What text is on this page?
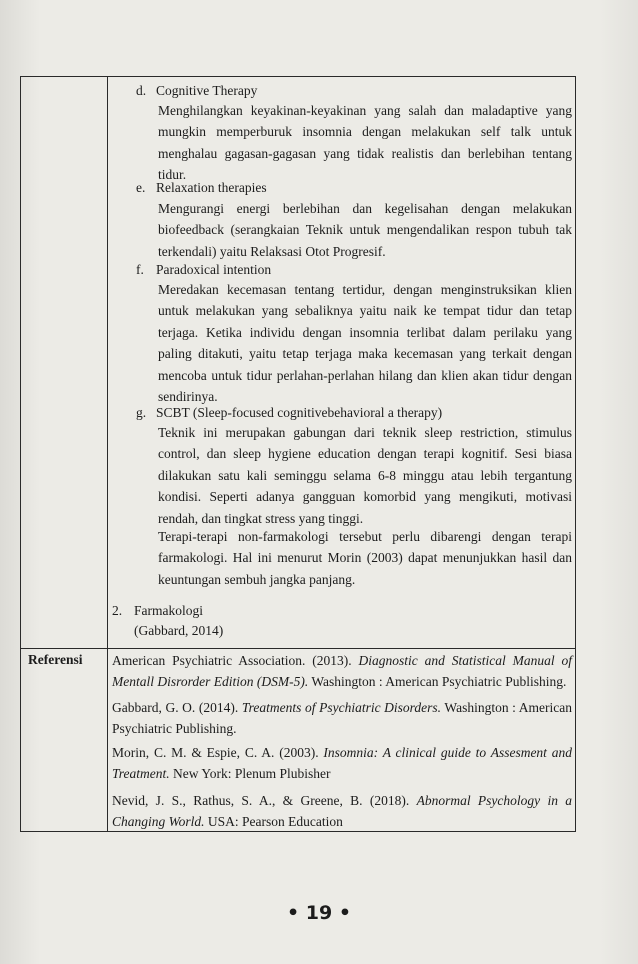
Referensi
d. Cognitive Therapy
Menghilangkan keyakinan-keyakinan yang salah dan maladaptive yang mungkin memperburuk insomnia dengan melakukan self talk untuk menghalau gagasan-gagasan yang tidak realistis dan berlebihan tentang tidur.
e. Relaxation therapies
Mengurangi energi berlebihan dan kegelisahan dengan melakukan biofeedback (serangkaian Teknik untuk mengendalikan respon tubuh tak terkendali) yaitu Relaksasi Otot Progresif.
f. Paradoxical intention
Meredakan kecemasan tentang tertidur, dengan menginstruksikan klien untuk melakukan yang sebaliknya yaitu naik ke tempat tidur dan tetap terjaga. Ketika individu dengan insomnia terlibat dalam perilaku yang paling ditakuti, yaitu tetap terjaga maka kecemasan yang terkait dengan mencoba untuk tidur perlahan-perlahan hilang dan klien akan tidur dengan sendirinya.
g. SCBT (Sleep-focused cognitivebehavioral a therapy)
Teknik ini merupakan gabungan dari teknik sleep restriction, stimulus control, dan sleep hygiene education dengan terapi kognitif. Sesi biasa dilakukan satu kali seminggu selama 6-8 minggu atau lebih tergantung kondisi. Seperti adanya gangguan komorbid yang mengikuti, motivasi rendah, dan tingkat stress yang tinggi.
Terapi-terapi non-farmakologi tersebut perlu dibarengi dengan terapi farmakologi. Hal ini menurut Morin (2003) dapat menunjukkan hasil dan keuntungan sembuh jangka panjang.
2. Farmakologi
(Gabbard, 2014)
American Psychiatric Association. (2013). Diagnostic and Statistical Manual of Mentall Disrorder Edition (DSM-5). Washington : American Psychiatric Publishing.
Gabbard, G. O. (2014). Treatments of Psychiatric Disorders. Washington : American Psychiatric Publishing.
Morin, C. M. & Espie, C. A. (2003). Insomnia: A clinical guide to Assesment and Treatment. New York: Plenum Plubisher
Nevid, J. S., Rathus, S. A., & Greene, B. (2018). Abnormal Psychology in a Changing World. USA: Pearson Education
• 19 •
